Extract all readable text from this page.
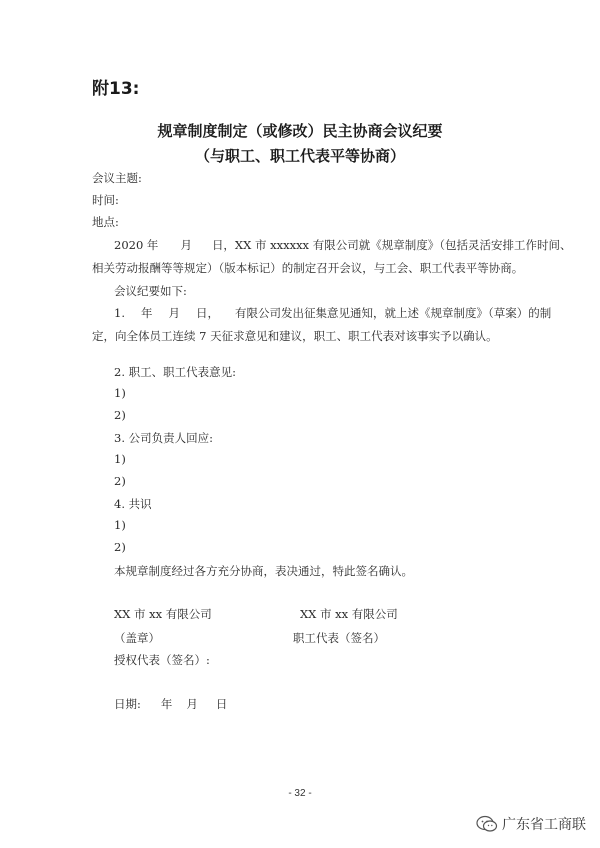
附13:
规章制度制定（或修改）民主协商会议纪要
（与职工、职工代表平等协商）
会议主题:
时间:
地点:
2020 年 月 日，XX 市 xxxxxx 有限公司就《规章制度》（包括灵活安排工作时间、
相关劳动报酬等等规定）（版本标记）的制定召开会议，与工会、职工代表平等协商。
会议纪要如下:
1. 年 月 日， 有限公司发出征集意见通知，就上述《规章制度》（草案）的制
定，向全体员工连续 7 天征求意见和建议，职工、职工代表对该事实予以确认。
2. 职工、职工代表意见:
1)
2)
3. 公司负责人回应:
1)
2)
4. 共识
1)
2)
本规章制度经过各方充分协商，表决通过，特此签名确认。
XX 市 xx 有限公司	XX 市 xx 有限公司
（盖章）	职工代表（签名）
授权代表（签名）:
日期: 年 月 日
- 32 -
广东省工商联
